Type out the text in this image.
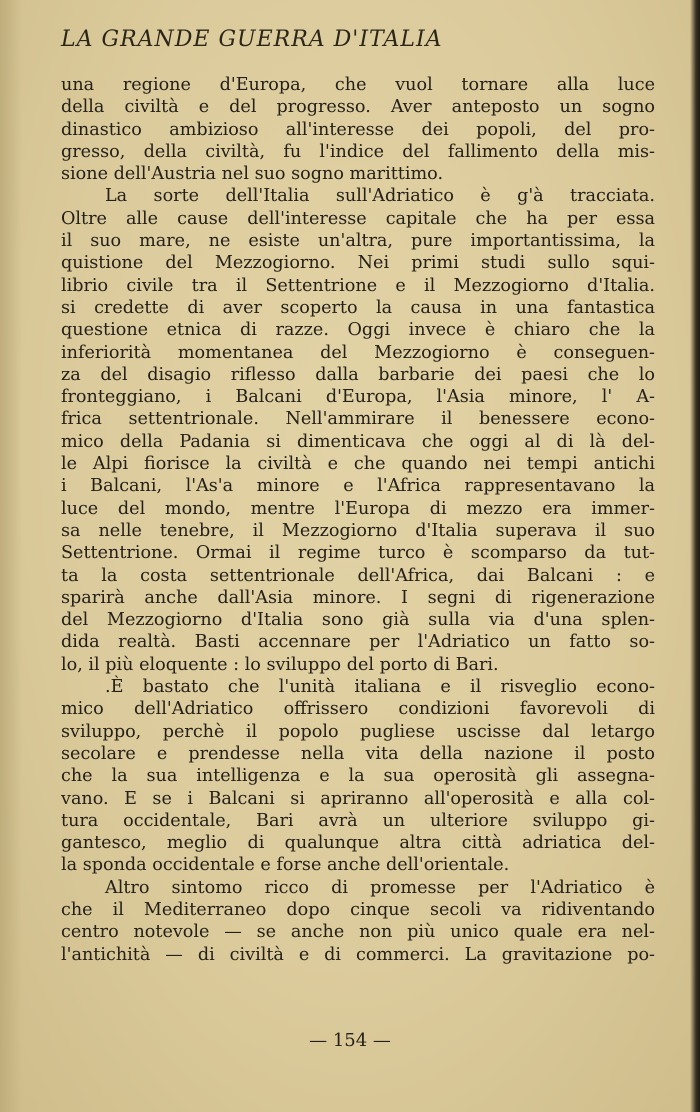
LA GRANDE GUERRA D'ITALIA
una regione d'Europa, che vuol tornare alla luce
della civiltà e del progresso. Aver anteposto un sogno
dinastico ambizioso all'interesse dei popoli, del pro-
gresso, della civiltà, fu l'indice del fallimento della mis-
sione dell'Austria nel suo sogno marittimo.
La sorte dell'Italia sull'Adriatico è g'à tracciata.
Oltre alle cause dell'interesse capitale che ha per essa
il suo mare, ne esiste un'altra, pure importantissima, la
quistione del Mezzogiorno. Nei primi studi sullo squi-
librio civile tra il Settentrione e il Mezzogiorno d'Italia.
si credette di aver scoperto la causa in una fantastica
questione etnica di razze. Oggi invece è chiaro che la
inferiorità momentanea del Mezzogiorno è conseguen-
za del disagio riflesso dalla barbarie dei paesi che lo
fronteggiano, i Balcani d'Europa, l'Asia minore, l' A-
frica settentrionale. Nell'ammirare il benessere econo-
mico della Padania si dimenticava che oggi al di là del-
le Alpi fiorisce la civiltà e che quando nei tempi antichi
i Balcani, l'As'a minore e l'Africa rappresentavano la
luce del mondo, mentre l'Europa di mezzo era immer-
sa nelle tenebre, il Mezzogiorno d'Italia superava il suo
Settentrione. Ormai il regime turco è scomparso da tut-
ta la costa settentrionale dell'Africa, dai Balcani : e
sparirà anche dall'Asia minore. I segni di rigenerazione
del Mezzogiorno d'Italia sono già sulla via d'una splen-
dida realtà. Basti accennare per l'Adriatico un fatto so-
lo, il più eloquente : lo sviluppo del porto di Bari.
.È bastato che l'unità italiana e il risveglio econo-
mico dell'Adriatico offrissero condizioni favorevoli di
sviluppo, perchè il popolo pugliese uscisse dal letargo
secolare e prendesse nella vita della nazione il posto
che la sua intelligenza e la sua operosità gli assegna-
vano. E se i Balcani si apriranno all'operosità e alla col-
tura occidentale, Bari avrà un ulteriore sviluppo gi-
gantesco, meglio di qualunque altra città adriatica del-
la sponda occidentale e forse anche dell'orientale.
Altro sintomo ricco di promesse per l'Adriatico è
che il Mediterraneo dopo cinque secoli va ridiventando
centro notevole — se anche non più unico quale era nel-
l'antichità — di civiltà e di commerci. La gravitazione po-
— 154 —
